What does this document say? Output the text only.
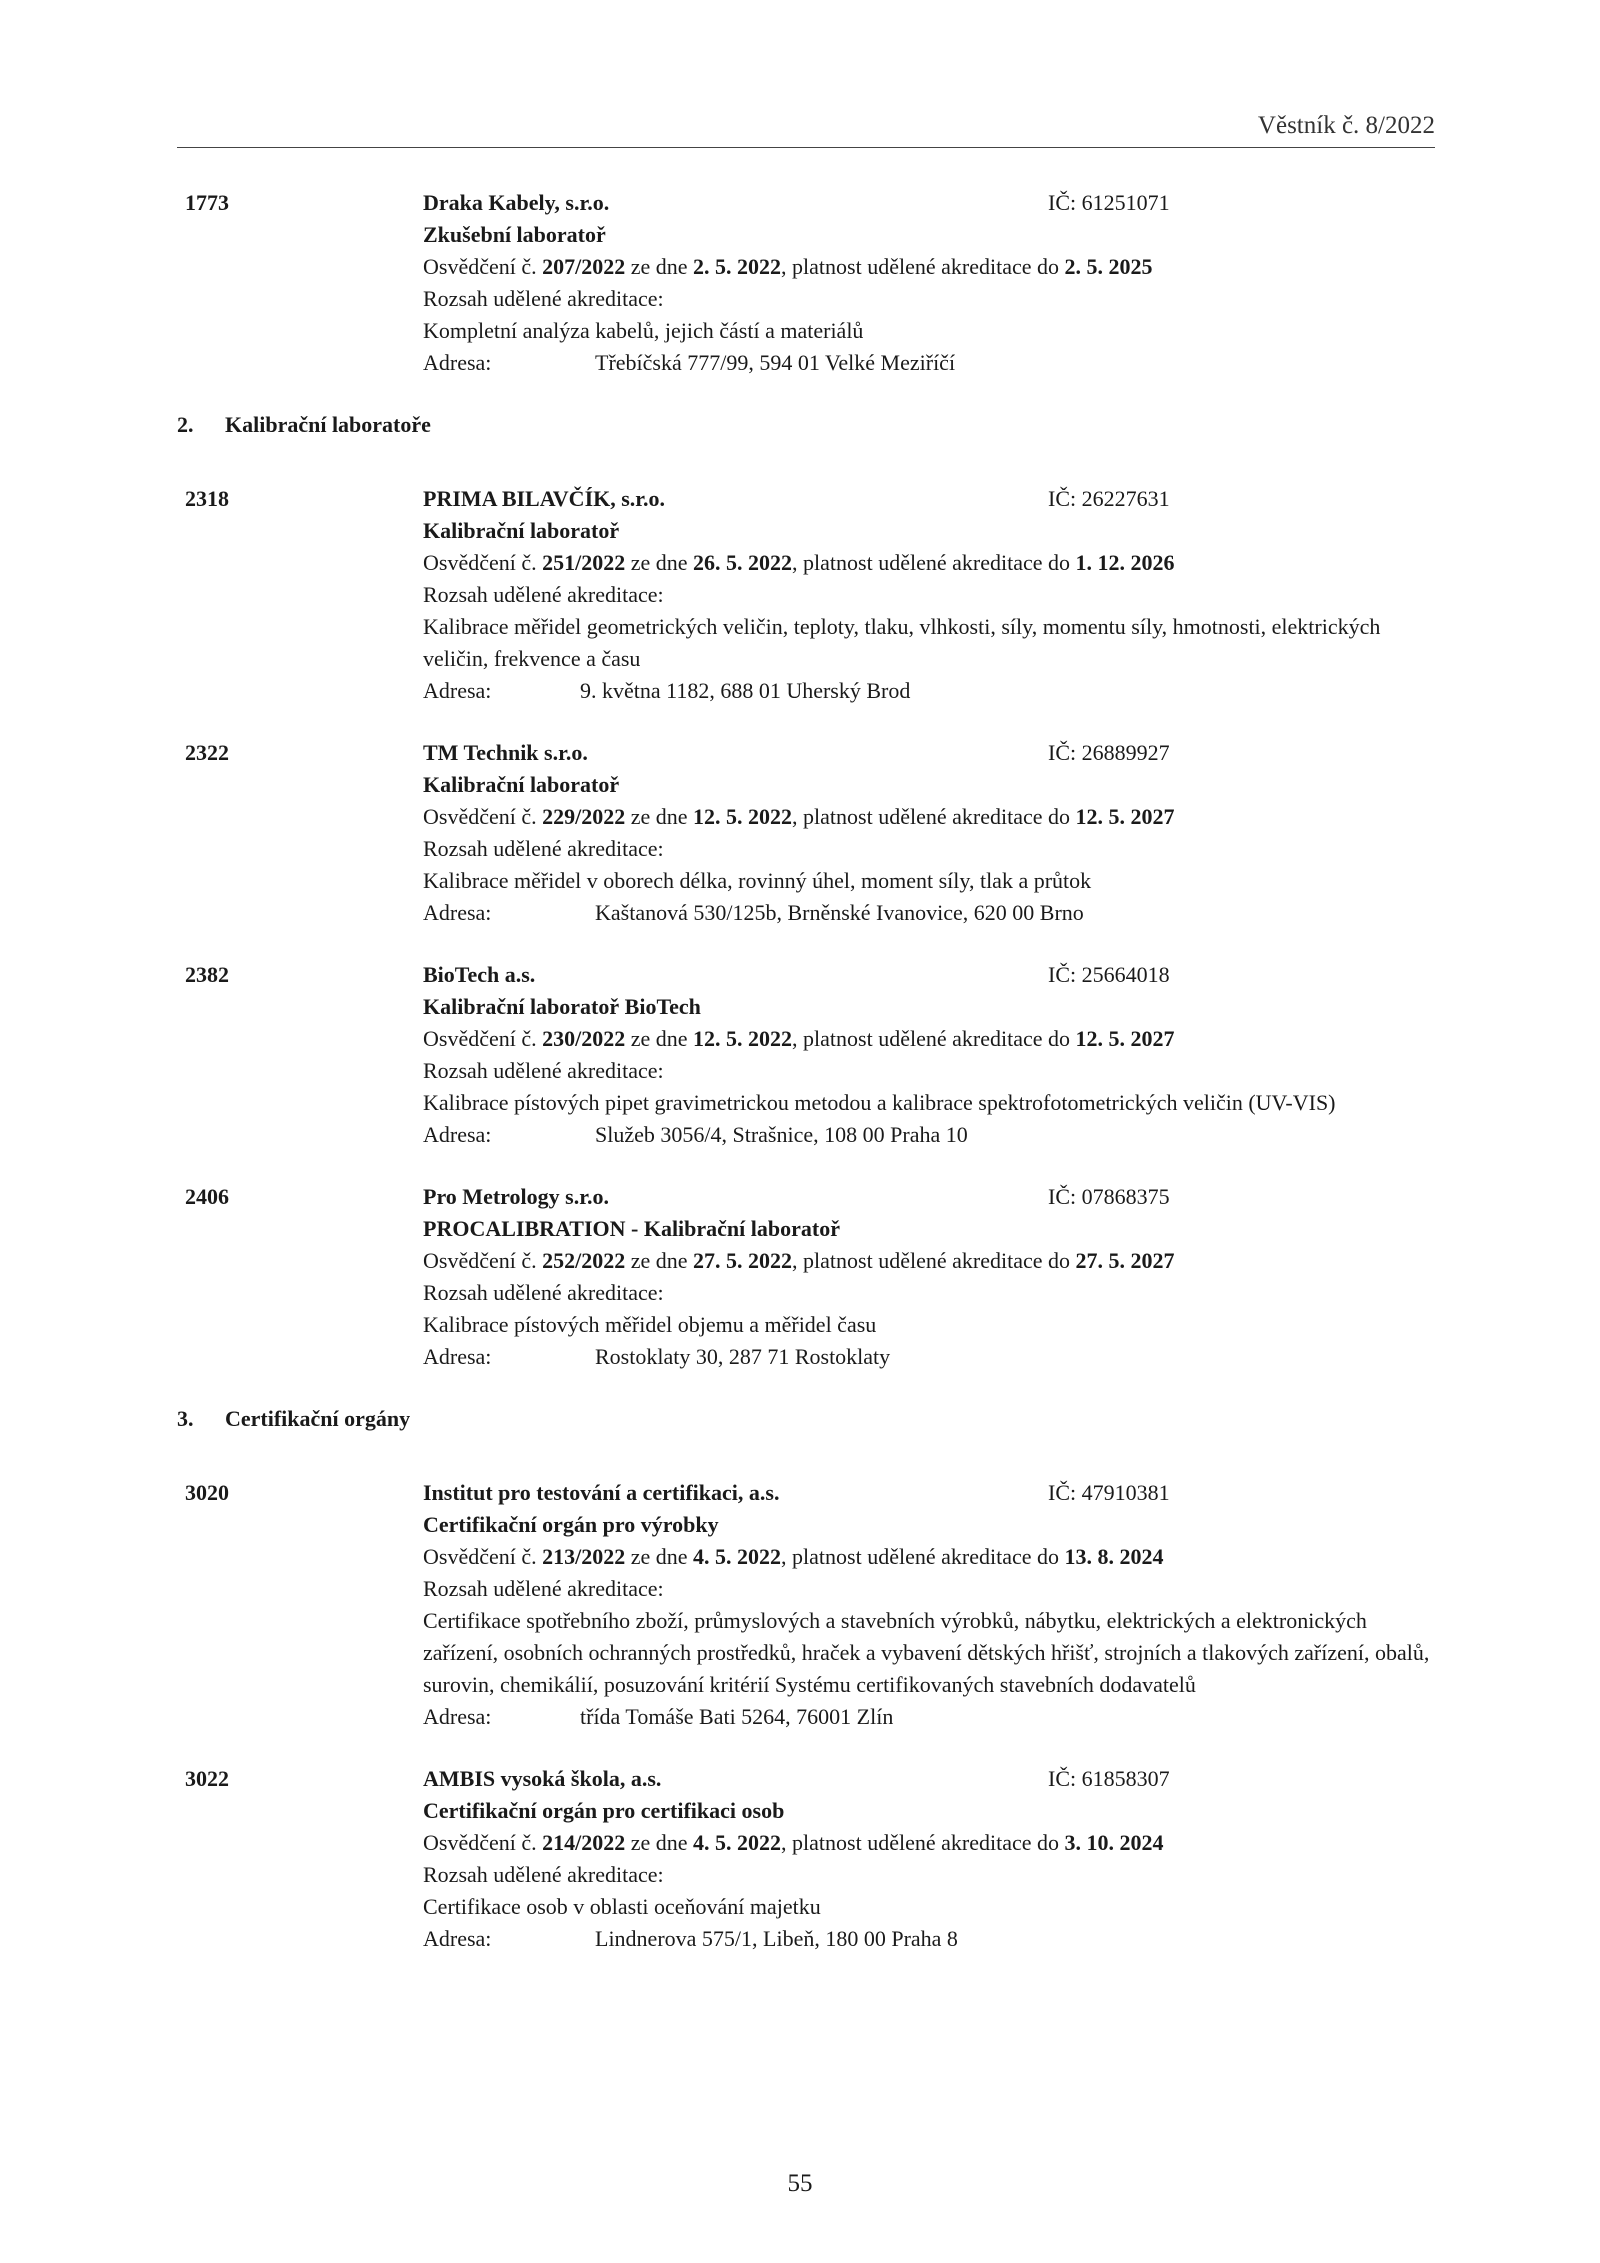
Věstník č. 8/2022
1773	Draka Kabely, s.r.o.	IČ: 61251071
Zkušební laboratoř
Osvědčení č. 207/2022 ze dne 2. 5. 2022, platnost udělené akreditace do 2. 5. 2025
Rozsah udělené akreditace:
Kompletní analýza kabelů, jejich částí a materiálů
Adresa:	Třebíčská 777/99, 594 01 Velké Meziříčí
2. Kalibrační laboratoře
2318	PRIMA BILAVČÍK, s.r.o.	IČ: 26227631
Kalibrační laboratoř
Osvědčení č. 251/2022 ze dne 26. 5. 2022, platnost udělené akreditace do 1. 12. 2026
Rozsah udělené akreditace:
Kalibrace měřidel geometrických veličin, teploty, tlaku, vlhkosti, síly, momentu síly, hmotnosti, elektrických veličin, frekvence a času
Adresa:	9. května 1182, 688 01 Uherský Brod
2322	TM Technik s.r.o.	IČ: 26889927
Kalibrační laboratoř
Osvědčení č. 229/2022 ze dne 12. 5. 2022, platnost udělené akreditace do 12. 5. 2027
Rozsah udělené akreditace:
Kalibrace měřidel v oborech délka, rovinný úhel, moment síly, tlak a průtok
Adresa:	Kaštanová 530/125b, Brněnské Ivanovice, 620 00 Brno
2382	BioTech a.s.	IČ: 25664018
Kalibrační laboratoř BioTech
Osvědčení č. 230/2022 ze dne 12. 5. 2022, platnost udělené akreditace do 12. 5. 2027
Rozsah udělené akreditace:
Kalibrace pístových pipet gravimetrickou metodou a kalibrace spektrofotometrických veličin (UV-VIS)
Adresa:	Služeb 3056/4, Strašnice, 108 00 Praha 10
2406	Pro Metrology s.r.o.	IČ: 07868375
PROCALIBRATION - Kalibrační laboratoř
Osvědčení č. 252/2022 ze dne 27. 5. 2022, platnost udělené akreditace do 27. 5. 2027
Rozsah udělené akreditace:
Kalibrace pístových měřidel objemu a měřidel času
Adresa:	Rostoklaty 30, 287 71 Rostoklaty
3. Certifikační orgány
3020	Institut pro testování a certifikaci, a.s.	IČ: 47910381
Certifikační orgán pro výrobky
Osvědčení č. 213/2022 ze dne 4. 5. 2022, platnost udělené akreditace do 13. 8. 2024
Rozsah udělené akreditace:
Certifikace spotřebního zboží, průmyslových a stavebních výrobků, nábytku, elektrických a elektronických zařízení, osobních ochranných prostředků, hraček a vybavení dětských hřišť, strojních a tlakových zařízení, obalů, surovin, chemikálií, posuzování kritérií Systému certifikovaných stavebních dodavatelů
Adresa:	třída Tomáše Bati 5264, 76001 Zlín
3022	AMBIS vysoká škola, a.s.	IČ: 61858307
Certifikační orgán pro certifikaci osob
Osvědčení č. 214/2022 ze dne 4. 5. 2022, platnost udělené akreditace do 3. 10. 2024
Rozsah udělené akreditace:
Certifikace osob v oblasti oceňování majetku
Adresa:	Lindnerova 575/1, Libeň, 180 00 Praha 8
55
